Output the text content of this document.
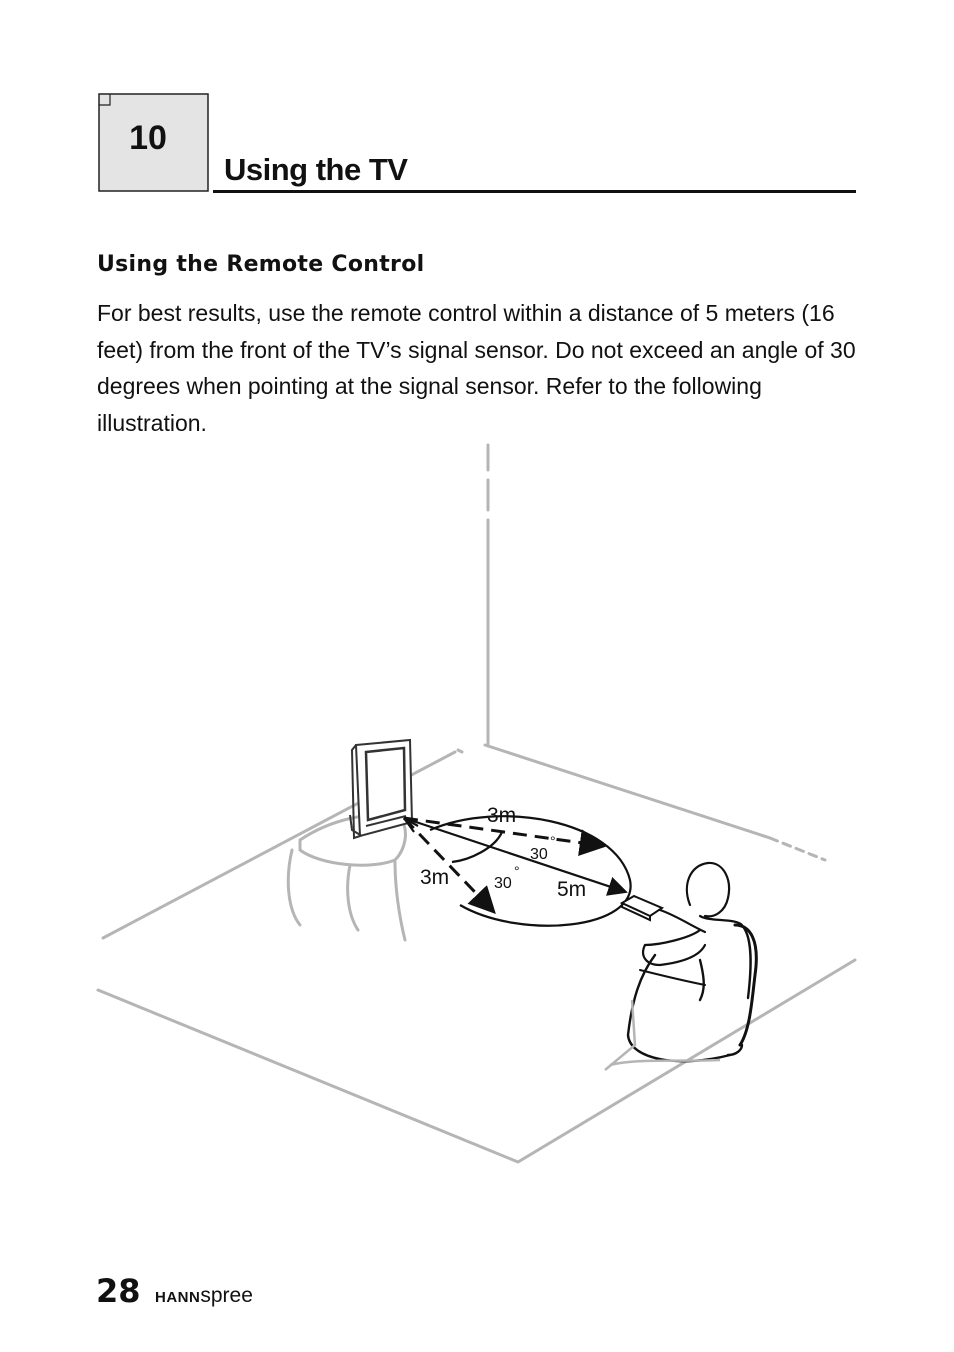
10
Using the TV
Using the Remote Control
For best results, use the remote control within a distance of 5 meters (16 feet) from the front of the TV’s signal sensor. Do not exceed an angle of 30 degrees when pointing at the signal sensor. Refer to the following illustration.
3m
3m
5m
30
°
30
°
28 HANNspree
